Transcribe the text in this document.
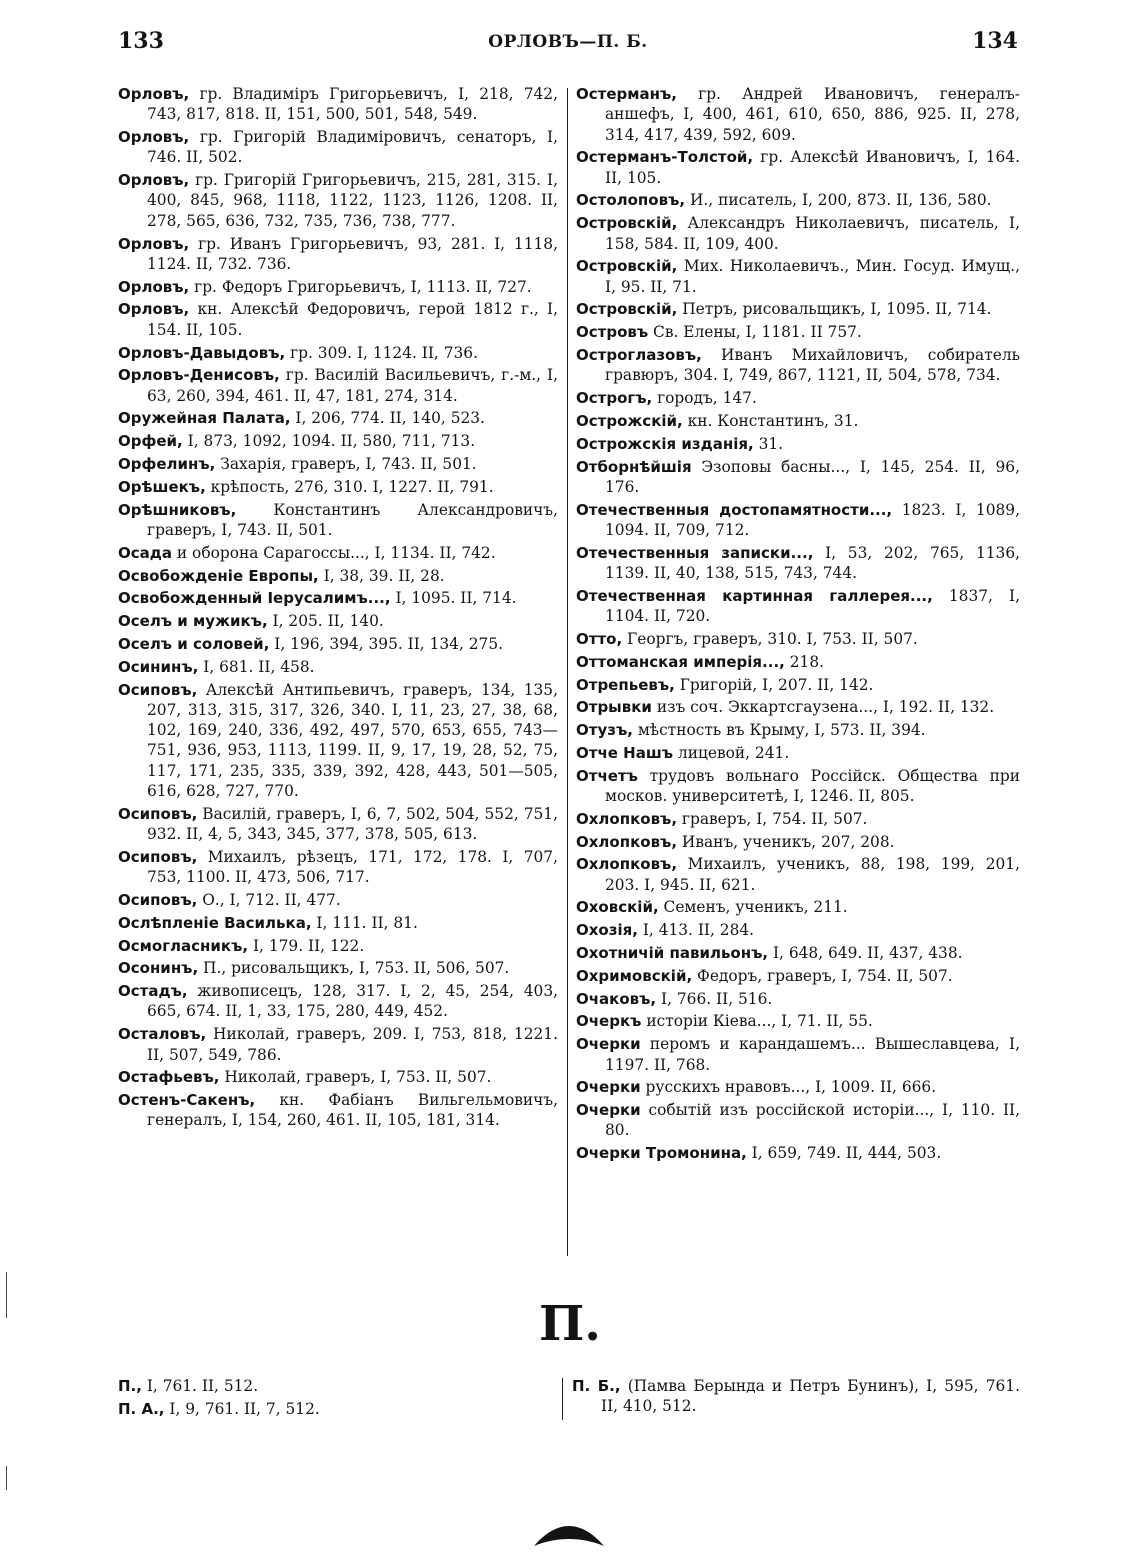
133	ОРЛОВЪ—П. Б.	134

Орловъ, гр. Владиміръ Григорьевичъ, I, 218, 742, 743, 817, 818. II, 151, 500, 501, 548, 549.

Орловъ, гр. Григорій Владиміровичъ, сенаторъ, I, 746. II, 502.

Орловъ, гр. Григорій Григорьевичъ, 215, 281, 315. I, 400, 845, 968, 1118, 1122, 1123, 1126, 1208. II, 278, 565, 636, 732, 735, 736, 738, 777.

Орловъ, гр. Иванъ Григорьевичъ, 93, 281. I, 1118, 1124. II, 732. 736.

Орловъ, гр. Федоръ Григорьевичъ, I, 1113. II, 727.

Орловъ, кн. Алексѣй Федоровичъ, герой 1812 г., I, 154. II, 105.

Орловъ-Давыдовъ, гр. 309. I, 1124. II, 736.

Орловъ-Денисовъ, гр. Василій Васильевичъ, г.-м., I, 63, 260, 394, 461. II, 47, 181, 274, 314.

Оружейная Палата, I, 206, 774. II, 140, 523.

Орфей, I, 873, 1092, 1094. II, 580, 711, 713.

Орфелинъ, Захарія, граверъ, I, 743. II, 501.

Орѣшекъ, крѣпость, 276, 310. I, 1227. II, 791.

Орѣшниковъ, Константинъ Александровичъ, граверъ, I, 743. II, 501.

Осада и оборона Сарагоссы..., I, 1134. II, 742.

Освобожденіе Европы, I, 38, 39. II, 28.

Освобожденный Іерусалимъ..., I, 1095. II, 714.

Оселъ и мужикъ, I, 205. II, 140.

Оселъ и соловей, I, 196, 394, 395. II, 134, 275.

Осининъ, I, 681. II, 458.

Осиповъ, Алексѣй Антипьевичъ, граверъ, 134, 135, 207, 313, 315, 317, 326, 340. I, 11, 23, 27, 38, 68, 102, 169, 240, 336, 492, 497, 570, 653, 655, 743—751, 936, 953, 1113, 1199. II, 9, 17, 19, 28, 52, 75, 117, 171, 235, 335, 339, 392, 428, 443, 501—505, 616, 628, 727, 770.

Осиповъ, Василій, граверъ, I, 6, 7, 502, 504, 552, 751, 932. II, 4, 5, 343, 345, 377, 378, 505, 613.

Осиповъ, Михаилъ, рѣзецъ, 171, 172, 178. I, 707, 753, 1100. II, 473, 506, 717.

Осиповъ, О., I, 712. II, 477.

Ослѣпленіе Василька, I, 111. II, 81.

Осмогласникъ, I, 179. II, 122.

Осонинъ, П., рисовальщикъ, I, 753. II, 506, 507.

Остадъ, живописецъ, 128, 317. I, 2, 45, 254, 403, 665, 674. II, 1, 33, 175, 280, 449, 452.

Осталовъ, Николай, граверъ, 209. I, 753, 818, 1221. II, 507, 549, 786.

Остафьевъ, Николай, граверъ, I, 753. II, 507.

Остенъ-Сакенъ, кн. Фабіанъ Вильгельмовичъ, генералъ, I, 154, 260, 461. II, 105, 181, 314.

Остерманъ, гр. Андрей Ивановичъ, генералъ-аншефъ, I, 400, 461, 610, 650, 886, 925. II, 278, 314, 417, 439, 592, 609.

Остерманъ-Толстой, гр. Алексѣй Ивановичъ, I, 164. II, 105.

Остолоповъ, И., писатель, I, 200, 873. II, 136, 580.

Островскій, Александръ Николаевичъ, писатель, I, 158, 584. II, 109, 400.

Островскій, Мих. Николаевичъ., Мин. Госуд. Имущ., I, 95. II, 71.

Островскій, Петръ, рисовальщикъ, I, 1095. II, 714.

Островъ Св. Елены, I, 1181. II 757.

Остроглазовъ, Иванъ Михайловичъ, собиратель гравюръ, 304. I, 749, 867, 1121, II, 504, 578, 734.

Острогъ, городъ, 147.

Острожскій, кн. Константинъ, 31.

Острожскія изданія, 31.

Отборнѣйшія Эзоповы басны..., I, 145, 254. II, 96, 176.

Отечественныя достопамятности..., 1823. I, 1089, 1094. II, 709, 712.

Отечественныя записки..., I, 53, 202, 765, 1136, 1139. II, 40, 138, 515, 743, 744.

Отечественная картинная галлерея..., 1837, I, 1104. II, 720.

Отто, Георгъ, граверъ, 310. I, 753. II, 507.

Оттоманская имперія..., 218.

Отрепьевъ, Григорій, I, 207. II, 142.

Отрывки изъ соч. Эккартсгаузена..., I, 192. II, 132.

Отузъ, мѣстность въ Крыму, I, 573. II, 394.

Отче Нашъ лицевой, 241.

Отчетъ трудовъ вольнаго Россійск. Общества при москов. университетѣ, I, 1246. II, 805.

Охлопковъ, граверъ, I, 754. II, 507.

Охлопковъ, Иванъ, ученикъ, 207, 208.

Охлопковъ, Михаилъ, ученикъ, 88, 198, 199, 201, 203. I, 945. II, 621.

Оховскій, Семенъ, ученикъ, 211.

Охозія, I, 413. II, 284.

Охотничій павильонъ, I, 648, 649. II, 437, 438.

Охримовскій, Федоръ, граверъ, I, 754. II, 507.

Очаковъ, I, 766. II, 516.

Очеркъ исторіи Кіева..., I, 71. II, 55.

Очерки перомъ и карандашемъ... Вышеславцева, I, 1197. II, 768.

Очерки русскихъ нравовъ..., I, 1009. II, 666.

Очерки событій изъ россійской исторіи..., I, 110. II, 80.

Очерки Тромонина, I, 659, 749. II, 444, 503.

П.

П., I, 761. II, 512.

П. А., I, 9, 761. II, 7, 512.

П. Б., (Памва Берында и Петръ Бунинъ), I, 595, 761. II, 410, 512.
